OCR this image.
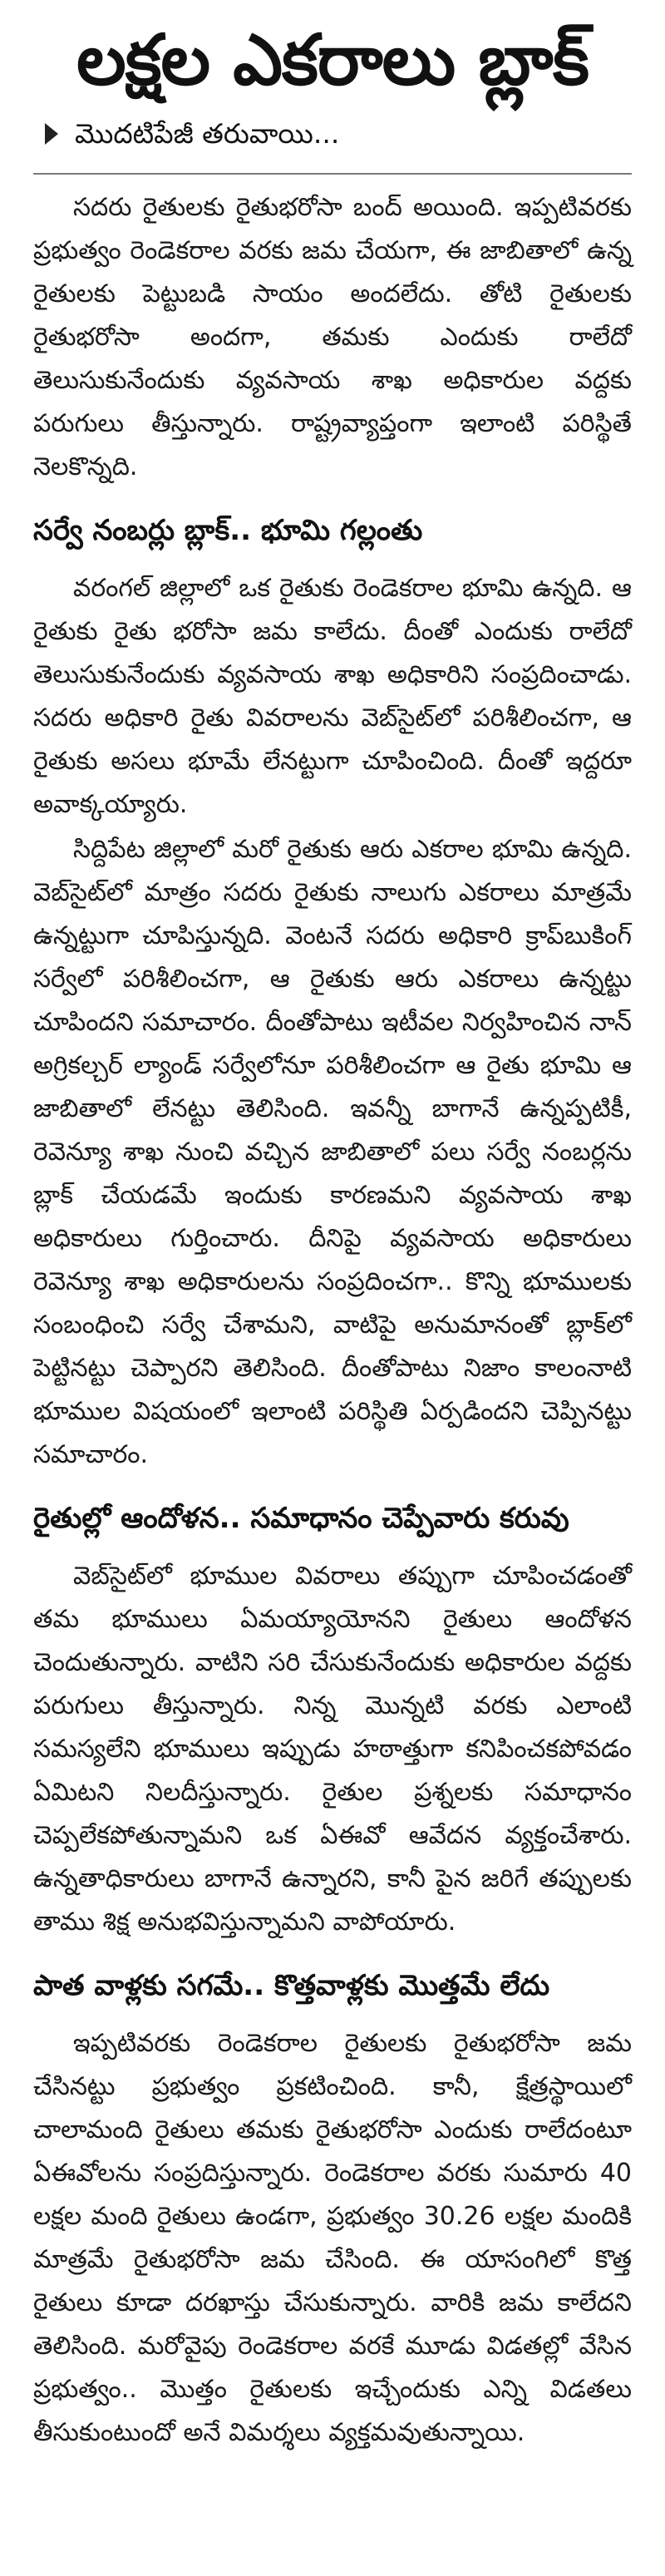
లక్షల ఎకరాలు బ్లాక్
మొదటిపేజీ తరువాయి...

సదరు రైతులకు రైతుభరోసా బంద్ అయింది. ఇప్పటివరకు ప్రభుత్వం రెండెకరాల వరకు జమ చేయగా, ఈ జాబితాలో ఉన్న రైతులకు పెట్టుబడి సాయం అందలేదు. తోటి రైతులకు రైతుభరోసా అందగా, తమకు ఎందుకు రాలేదో తెలుసుకునేందుకు వ్యవసాయ శాఖ అధికారుల వద్దకు పరుగులు తీస్తున్నారు. రాష్ట్రవ్యాప్తంగా ఇలాంటి పరిస్థితే నెలకొన్నది.

సర్వే నంబర్లు బ్లాక్.. భూమి గల్లంతు

వరంగల్ జిల్లాలో ఒక రైతుకు రెండెకరాల భూమి ఉన్నది. ఆ రైతుకు రైతు భరోసా జమ కాలేదు. దీంతో ఎందుకు రాలేదో తెలుసుకునేందుకు వ్యవసాయ శాఖ అధికారిని సంప్రదించాడు. సదరు అధికారి రైతు వివరాలను వెబ్‌సైట్‌లో పరిశీలించగా, ఆ రైతుకు అసలు భూమే లేనట్టుగా చూపించింది. దీంతో ఇద్దరూ అవాక్కయ్యారు.

సిద్దిపేట జిల్లాలో మరో రైతుకు ఆరు ఎకరాల భూమి ఉన్నది. వెబ్‌సైట్‌లో మాత్రం సదరు రైతుకు నాలుగు ఎకరాలు మాత్రమే ఉన్నట్టుగా చూపిస్తున్నది. వెంటనే సదరు అధికారి క్రాప్‌బుకింగ్ సర్వేలో పరిశీలించగా, ఆ రైతుకు ఆరు ఎకరాలు ఉన్నట్టు చూపిందని సమాచారం. దీంతోపాటు ఇటీవల నిర్వహించిన నాన్ అగ్రికల్చర్ ల్యాండ్ సర్వేలోనూ పరిశీలించగా ఆ రైతు భూమి ఆ జాబితాలో లేనట్టు తెలిసింది. ఇవన్నీ బాగానే ఉన్నప్పటికీ, రెవెన్యూ శాఖ నుంచి వచ్చిన జాబితాలో పలు సర్వే నంబర్లను బ్లాక్ చేయడమే ఇందుకు కారణమని వ్యవసాయ శాఖ అధికారులు గుర్తించారు. దీనిపై వ్యవసాయ అధికారులు రెవెన్యూ శాఖ అధికారులను సంప్రదించగా.. కొన్ని భూములకు సంబంధించి సర్వే చేశామని, వాటిపై అనుమానంతో బ్లాక్‌లో పెట్టినట్టు చెప్పారని తెలిసింది. దీంతోపాటు నిజాం కాలంనాటి భూముల విషయంలో ఇలాంటి పరిస్థితి ఏర్పడిందని చెప్పినట్టు సమాచారం.

రైతుల్లో ఆందోళన.. సమాధానం చెప్పేవారు కరువు

వెబ్‌సైట్‌లో భూముల వివరాలు తప్పుగా చూపించడంతో తమ భూములు ఏమయ్యాయోనని రైతులు ఆందోళన చెందుతున్నారు. వాటిని సరి చేసుకునేందుకు అధికారుల వద్దకు పరుగులు తీస్తున్నారు. నిన్న మొన్నటి వరకు ఎలాంటి సమస్యలేని భూములు ఇప్పుడు హఠాత్తుగా కనిపించకపోవడం ఏమిటని నిలదీస్తున్నారు. రైతుల ప్రశ్నలకు సమాధానం చెప్పలేకపోతున్నామని ఒక ఏఈవో ఆవేదన వ్యక్తంచేశారు. ఉన్నతాధికారులు బాగానే ఉన్నారని, కానీ పైన జరిగే తప్పులకు తాము శిక్ష అనుభవిస్తున్నామని వాపోయారు.

పాత వాళ్లకు సగమే.. కొత్తవాళ్లకు మొత్తమే లేదు

ఇప్పటివరకు రెండెకరాల రైతులకు రైతుభరోసా జమ చేసినట్టు ప్రభుత్వం ప్రకటించింది. కానీ, క్షేత్రస్థాయిలో చాలామంది రైతులు తమకు రైతుభరోసా ఎందుకు రాలేదంటూ ఏఈవోలను సంప్రదిస్తున్నారు. రెండెకరాల వరకు సుమారు 40 లక్షల మంది రైతులు ఉండగా, ప్రభుత్వం 30.26 లక్షల మందికి మాత్రమే రైతుభరోసా జమ చేసింది. ఈ యాసంగిలో కొత్త రైతులు కూడా దరఖాస్తు చేసుకున్నారు. వారికి జమ కాలేదని తెలిసింది. మరోవైపు రెండెకరాల వరకే మూడు విడతల్లో వేసిన ప్రభుత్వం.. మొత్తం రైతులకు ఇచ్చేందుకు ఎన్ని విడతలు తీసుకుంటుందో అనే విమర్శలు వ్యక్తమవుతున్నాయి.
